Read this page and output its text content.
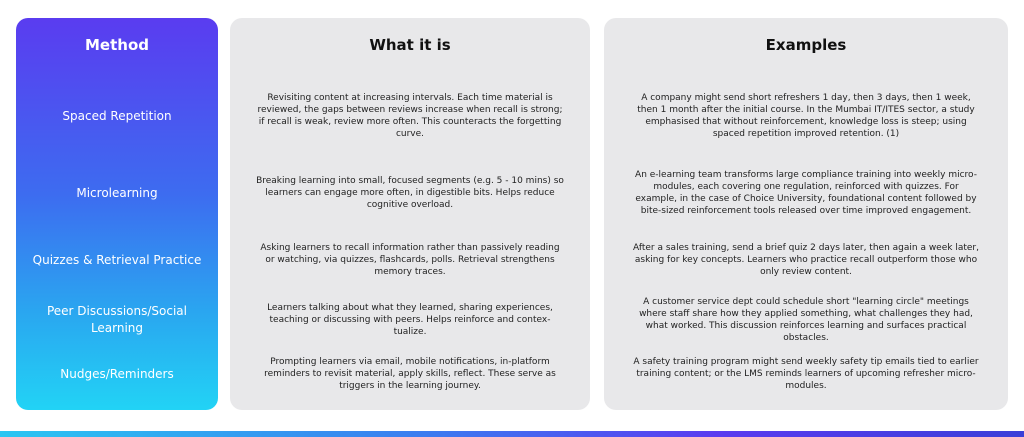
Method
Spaced Repetition
Microlearning
Quizzes & Retrieval Practice
Peer Discussions/Social Learning
Nudges/Reminders
What it is
Revisiting content at increasing intervals. Each time material is reviewed, the gaps between reviews increase when recall is strong; if recall is weak, review more often. This counteracts the forgetting curve.
Breaking learning into small, focused segments (e.g. 5 - 10 mins) so learners can engage more often, in digestible bits. Helps reduce cognitive overload.
Asking learners to recall information rather than passively reading or watching, via quizzes, flashcards, polls. Retrieval strengthens memory traces.
Learners talking about what they learned, sharing experiences, teaching or discussing with peers. Helps reinforce and contex- tualize.
Prompting learners via email, mobile notifications, in-platform reminders to revisit material, apply skills, reflect. These serve as triggers in the learning journey.
Examples
A company might send short refreshers 1 day, then 3 days, then 1 week, then 1 month after the initial course. In the Mumbai IT/ITES sector, a study emphasised that without reinforcement, knowledge loss is steep; using spaced repetition improved retention. (1)
An e-learning team transforms large compliance training into weekly micro-modules, each covering one regulation, reinforced with quizzes. For example, in the case of Choice University, foundational content followed by bite-sized reinforcement tools released over time improved engagement.
After a sales training, send a brief quiz 2 days later, then again a week later, asking for key concepts. Learners who practice recall outperform those who only review content.
A customer service dept could schedule short "learning circle" meetings where staff share how they applied something, what challenges they had, what worked. This discussion reinforces learning and surfaces practical obstacles.
A safety training program might send weekly safety tip emails tied to earlier training content; or the LMS reminds learners of upcoming refresher micro-modules.
